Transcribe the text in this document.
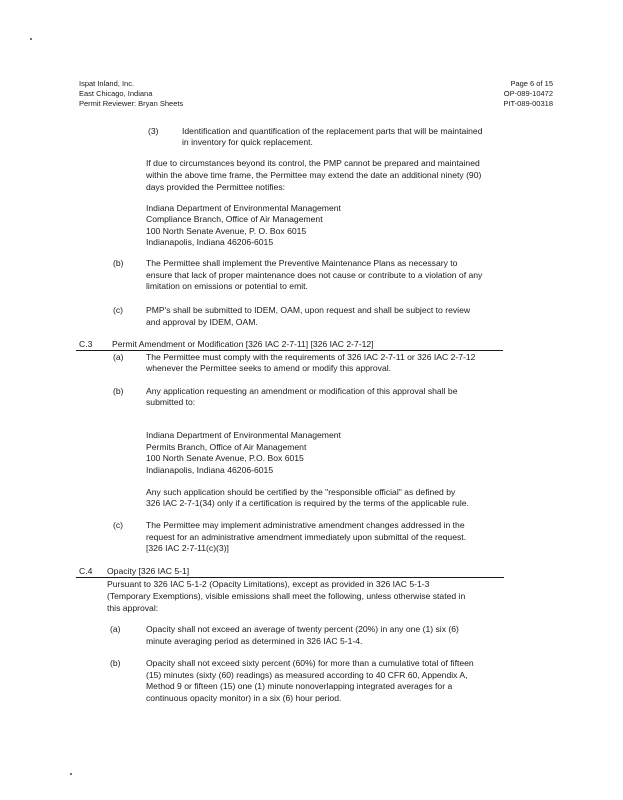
Ispat Inland, Inc.
East Chicago, Indiana
Permit Reviewer: Bryan Sheets
Page 6 of 15
OP-089-10472
PIT-089-00318
(3)	Identification and quantification of the replacement parts that will be maintained
in inventory for quick replacement.
If due to circumstances beyond its control, the PMP cannot be prepared and maintained
within the above time frame, the Permittee may extend the date an additional ninety (90)
days provided the Permittee notifies:
Indiana Department of Environmental Management
Compliance Branch, Office of Air Management
100 North Senate Avenue, P. O. Box 6015
Indianapolis, Indiana 46206-6015
(b)	The Permittee shall implement the Preventive Maintenance Plans as necessary to
ensure that lack of proper maintenance does not cause or contribute to a violation of any
limitation on emissions or potential to emit.
(c)	PMP's shall be submitted to IDEM, OAM, upon request and shall be subject to review
and approval by IDEM, OAM.
C.3 Permit Amendment or Modification [326 IAC 2-7-11] [326 IAC 2-7-12]
(a)	The Permittee must comply with the requirements of 326 IAC 2-7-11 or 326 IAC 2-7-12
whenever the Permittee seeks to amend or modify this approval.
(b)	Any application requesting an amendment or modification of this approval shall be
submitted to:
Indiana Department of Environmental Management
Permits Branch, Office of Air Management
100 North Senate Avenue, P.O. Box 6015
Indianapolis, Indiana 46206-6015
Any such application should be certified by the "responsible official" as defined by
326 IAC 2-7-1(34) only if a certification is required by the terms of the applicable rule.
(c)	The Permittee may implement administrative amendment changes addressed in the
request for an administrative amendment immediately upon submittal of the request.
[326 IAC 2-7-11(c)(3)]
C.4 Opacity [326 IAC 5-1]
Pursuant to 326 IAC 5-1-2 (Opacity Limitations), except as provided in 326 IAC 5-1-3
(Temporary Exemptions), visible emissions shall meet the following, unless otherwise stated in
this approval:
(a)	Opacity shall not exceed an average of twenty percent (20%) in any one (1) six (6)
minute averaging period as determined in 326 IAC 5-1-4.
(b)	Opacity shall not exceed sixty percent (60%) for more than a cumulative total of fifteen
(15) minutes (sixty (60) readings) as measured according to 40 CFR 60, Appendix A,
Method 9 or fifteen (15) one (1) minute nonoverlapping integrated averages for a
continuous opacity monitor) in a six (6) hour period.
